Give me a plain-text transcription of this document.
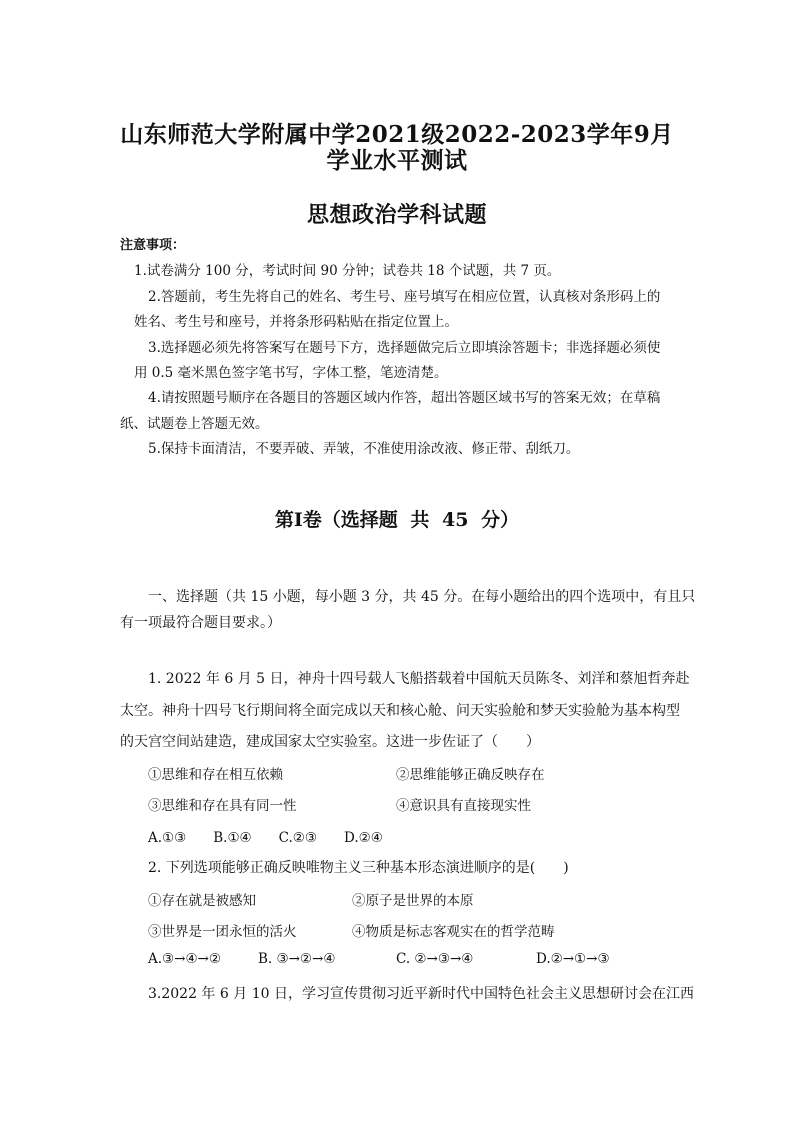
山东师范大学附属中学2021级2022-2023学年9月
学业水平测试
思想政治学科试题
注意事项：

1.试卷满分 100 分，考试时间 90 分钟；试卷共 18 个试题，共 7 页。

2.答题前，考生先将自己的姓名、考生号、座号填写在相应位置，认真核对条形码上的

姓名、考生号和座号，并将条形码粘贴在指定位置上。

3.选择题必须先将答案写在题号下方，选择题做完后立即填涂答题卡；非选择题必须使

用 0.5 毫米黑色签字笔书写，字体工整，笔迹清楚。

4.请按照题号顺序在各题目的答题区域内作答，超出答题区域书写的答案无效；在草稿

纸、试题卷上答题无效。

5.保持卡面清洁，不要弄破、弄皱，不准使用涂改液、修正带、刮纸刀。

第Ⅰ卷（选择题 共 45 分）

一、选择题（共 15 小题，每小题 3 分，共 45 分。在每小题给出的四个选项中，有且只

有一项最符合题目要求。）

1. 2022 年 6 月 5 日，神舟十四号载人飞船搭载着中国航天员陈冬、刘洋和蔡旭哲奔赴

太空。神舟十四号飞行期间将全面完成以天和核心舱、问天实验舱和梦天实验舱为基本构型

的天宫空间站建造，建成国家太空实验室。这进一步佐证了（　　）

①思维和存在相互依赖	②思维能够正确反映存在
③思维和存在具有同一性	④意识具有直接现实性
A.①③　　B.①④　　C.②③　　D.②④

2. 下列选项能够正确反映唯物主义三种基本形态演进顺序的是(　　)

①存在就是被感知	②原子是世界的本原
③世界是一团永恒的活火	④物质是标志客观实在的哲学范畴
A.③→④→②	B. ③→②→④	C. ②→③→④	D.②→①→③

3.2022 年 6 月 10 日，学习宣传贯彻习近平新时代中国特色社会主义思想研讨会在江西
